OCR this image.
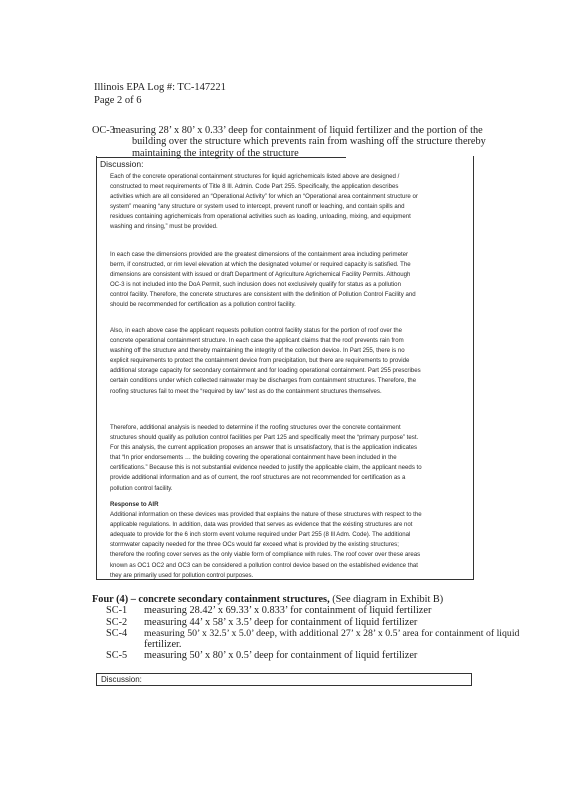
Illinois EPA Log #: TC-147221
Page 2 of 6
OC-3
measuring 28’ x 80’ x 0.33’ deep for containment of liquid fertilizer and the portion of the
building over the structure which prevents rain from washing off the structure thereby
maintaining the integrity of the structure
Discussion:
Each of the concrete operational containment structures for liquid agrichemicals listed above are designed /
constructed to meet requirements of Title 8 Ill. Admin. Code Part 255. Specifically, the application describes
activities which are all considered an “Operational Activity” for which an “Operational area containment structure or
system” meaning “any structure or system used to intercept, prevent runoff or leaching, and contain spills and
residues containing agrichemicals from operational activities such as loading, unloading, mixing, and equipment
washing and rinsing,” must be provided.
In each case the dimensions provided are the greatest dimensions of the containment area including perimeter
berm, if constructed, or rim level elevation at which the designated volume/ or required capacity is satisfied. The
dimensions are consistent with issued or draft Department of Agriculture Agrichemical Facility Permits. Although
OC-3 is not included into the DoA Permit, such inclusion does not exclusively qualify for status as a pollution
control facility. Therefore, the concrete structures are consistent with the definition of Pollution Control Facility and
should be recommended for certification as a pollution control facility.
Also, in each above case the applicant requests pollution control facility status for the portion of roof over the
concrete operational containment structure. In each case the applicant claims that the roof prevents rain from
washing off the structure and thereby maintaining the integrity of the collection device. In Part 255, there is no
explicit requirements to protect the containment device from precipitation, but there are requirements to provide
additional storage capacity for secondary containment and for loading operational containment. Part 255 prescribes
certain conditions under which collected rainwater may be discharges from containment structures. Therefore, the
roofing structures fail to meet the “required by law” test as do the containment structures themselves.
Therefore, additional analysis is needed to determine if the roofing structures over the concrete containment
structures should qualify as pollution control facilities per Part 125 and specifically meet the “primary purpose” test.
For this analysis, the current application proposes an answer that is unsatisfactory, that is the application indicates
that “In prior endorsements … the building covering the operational containment have been included in the
certifications.” Because this is not substantial evidence needed to justify the applicable claim, the applicant needs to
provide additional information and as of current, the roof structures are not recommended for certification as a
pollution control facility.
Response to AIR
Additional information on these devices was provided that explains the nature of these structures with respect to the
applicable regulations. In addition, data was provided that serves as evidence that the existing structures are not
adequate to provide for the 6 inch storm event volume required under Part 255 (8 Ill Adm. Code). The additional
stormwater capacity needed for the three OCs would far exceed what is provided by the existing structures;
therefore the roofing cover serves as the only viable form of compliance with rules. The roof cover over these areas
known as OC1 OC2 and OC3 can be considered a pollution control device based on the established evidence that
they are primarily used for pollution control purposes.
Four (4) – concrete secondary containment structures, (See diagram in Exhibit B)
SC-1 measuring 28.42’ x 69.33’ x 0.833’ for containment of liquid fertilizer
SC-2 measuring 44’ x 58’ x 3.5’ deep for containment of liquid fertilizer
SC-4 measuring 50’ x 32.5’ x 5.0’ deep, with additional 27’ x 28’ x 0.5’ area for containment of liquid
fertilizer.
SC-5 measuring 50’ x 80’ x 0.5’ deep for containment of liquid fertilizer
Discussion:
